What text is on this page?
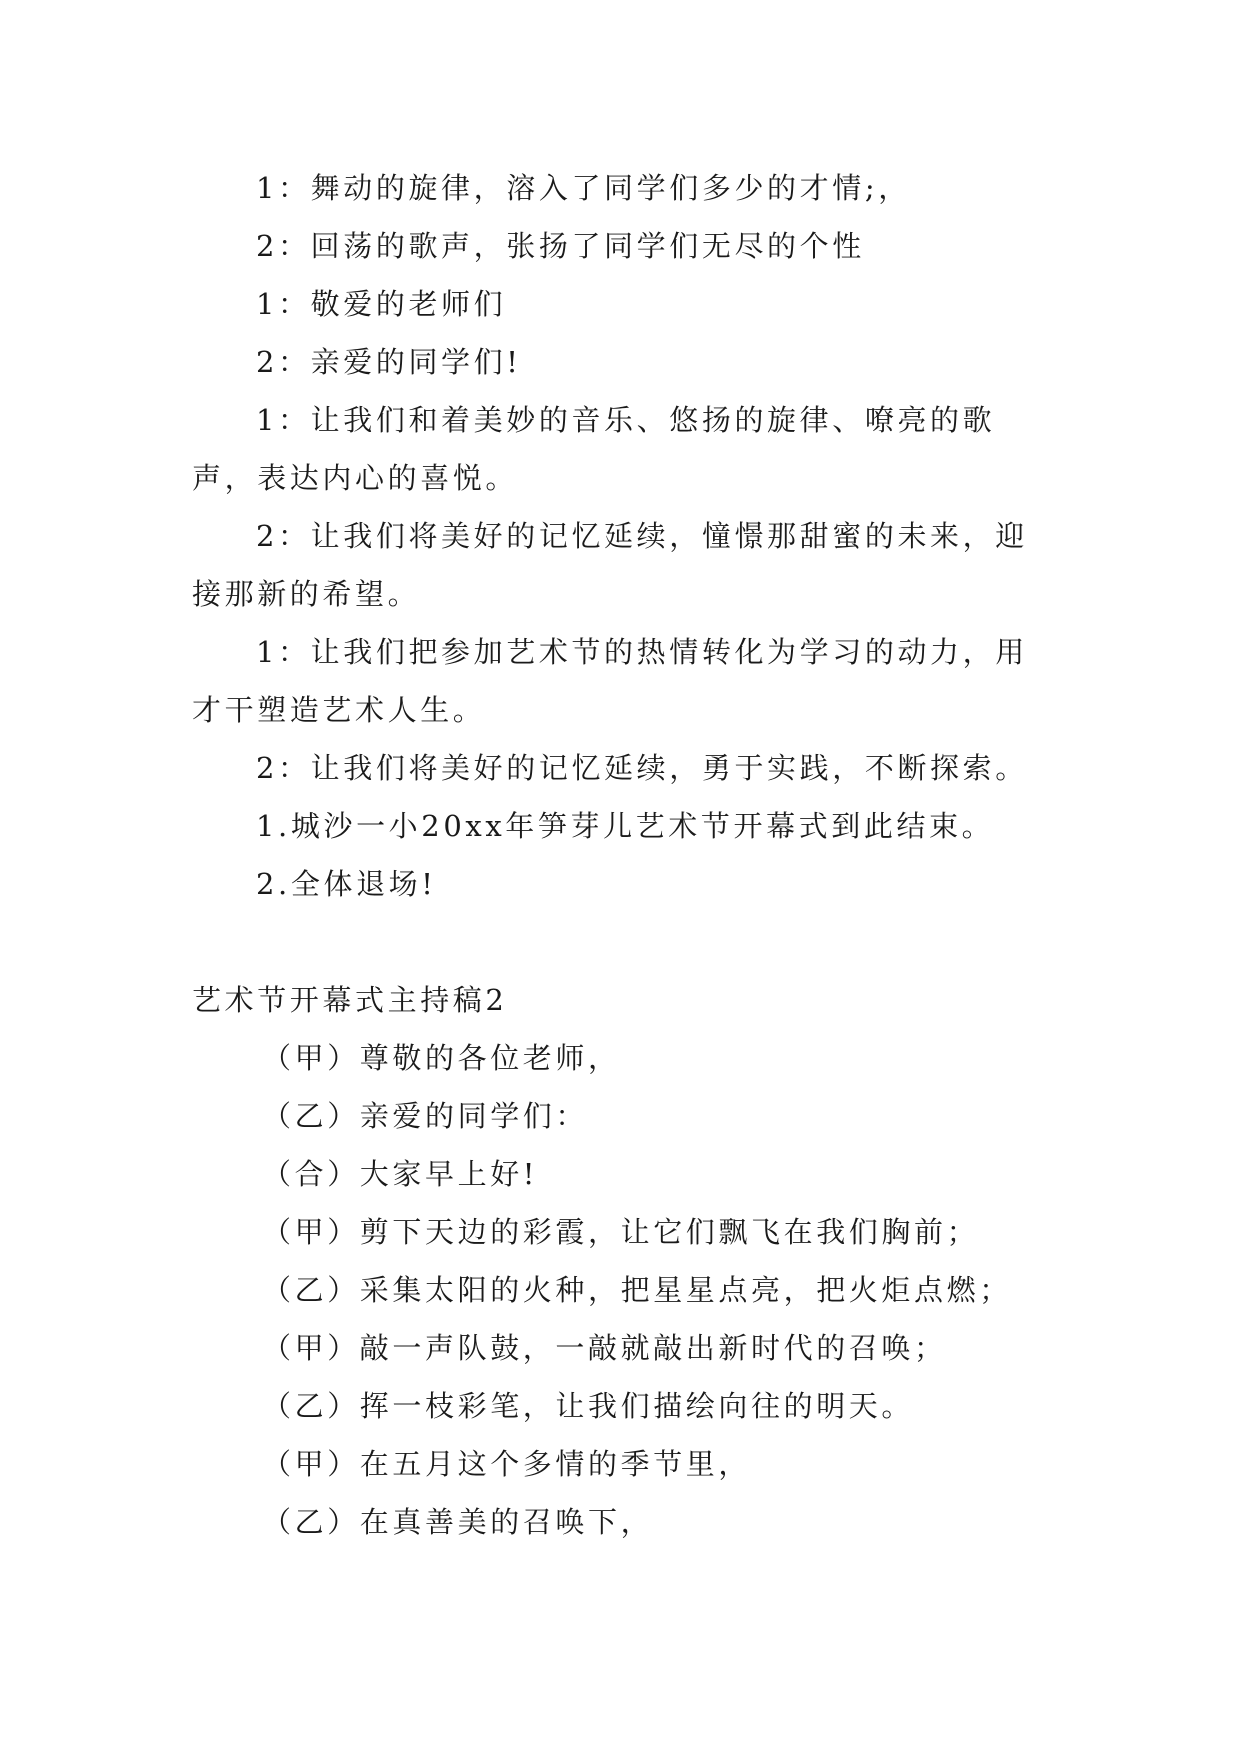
1：舞动的旋律，溶入了同学们多少的才情;，

2：回荡的歌声，张扬了同学们无尽的个性

1：敬爱的老师们

2：亲爱的同学们!

1：让我们和着美妙的音乐、悠扬的旋律、嘹亮的歌声，表达内心的喜悦。

2：让我们将美好的记忆延续，憧憬那甜蜜的未来，迎接那新的希望。

1：让我们把参加艺术节的热情转化为学习的动力，用才干塑造艺术人生。

2：让我们将美好的记忆延续，勇于实践，不断探索。

1.城沙一小20xx年笋芽儿艺术节开幕式到此结束。

2.全体退场!

艺术节开幕式主持稿2

（甲）尊敬的各位老师，

（乙）亲爱的同学们：

（合）大家早上好!

（甲）剪下天边的彩霞，让它们飘飞在我们胸前；

（乙）采集太阳的火种，把星星点亮，把火炬点燃；

（甲）敲一声队鼓，一敲就敲出新时代的召唤；

（乙）挥一枝彩笔，让我们描绘向往的明天。

（甲）在五月这个多情的季节里，

（乙）在真善美的召唤下，
